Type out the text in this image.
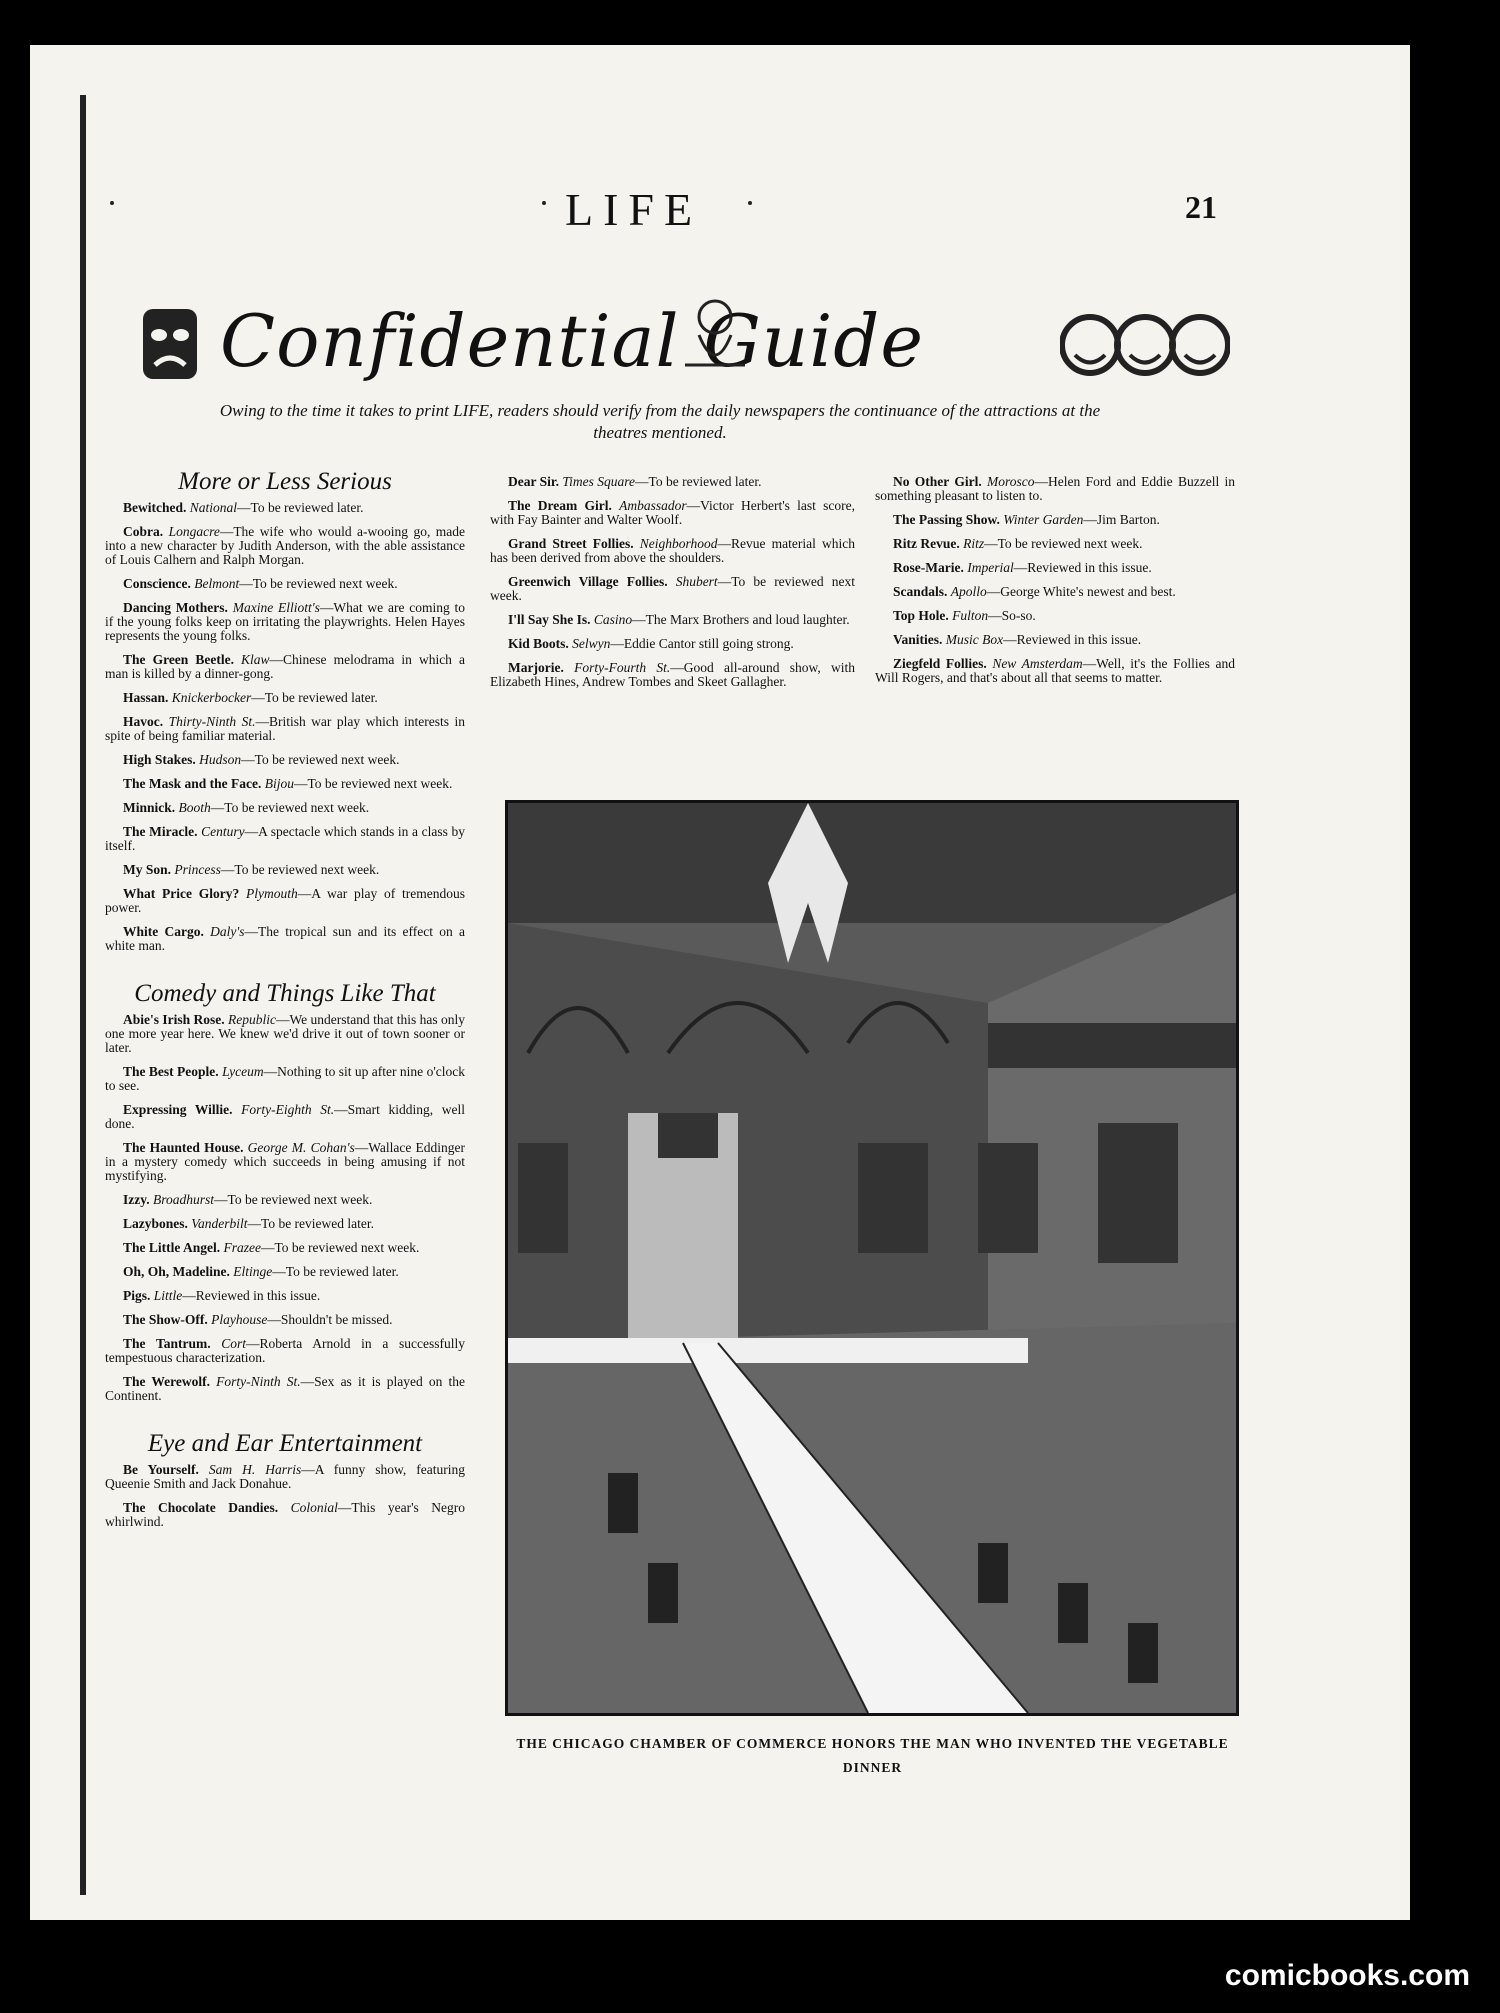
LIFE	21
Confidential Guide
Owing to the time it takes to print LIFE, readers should verify from the daily newspapers the continuance of the attractions at the theatres mentioned.
More or Less Serious
Bewitched. National—To be reviewed later.
Cobra. Longacre—The wife who would a-wooing go, made into a new character by Judith Anderson, with the able assistance of Louis Calhern and Ralph Morgan.
Conscience. Belmont—To be reviewed next week.
Dancing Mothers. Maxine Elliott's—What we are coming to if the young folks keep on irritating the playwrights. Helen Hayes represents the young folks.
The Green Beetle. Klaw—Chinese melodrama in which a man is killed by a dinner-gong.
Hassan. Knickerbocker—To be reviewed later.
Havoc. Thirty-Ninth St.—British war play which interests in spite of being familiar material.
High Stakes. Hudson—To be reviewed next week.
The Mask and the Face. Bijou—To be reviewed next week.
Minnick. Booth—To be reviewed next week.
The Miracle. Century—A spectacle which stands in a class by itself.
My Son. Princess—To be reviewed next week.
What Price Glory? Plymouth—A war play of tremendous power.
White Cargo. Daly's—The tropical sun and its effect on a white man.
Comedy and Things Like That
Abie's Irish Rose. Republic—We understand that this has only one more year here. We knew we'd drive it out of town sooner or later.
The Best People. Lyceum—Nothing to sit up after nine o'clock to see.
Expressing Willie. Forty-Eighth St.—Smart kidding, well done.
The Haunted House. George M. Cohan's—Wallace Eddinger in a mystery comedy which succeeds in being amusing if not mystifying.
Izzy. Broadhurst—To be reviewed next week.
Lazybones. Vanderbilt—To be reviewed later.
The Little Angel. Frazee—To be reviewed next week.
Oh, Oh, Madeline. Eltinge—To be reviewed later.
Pigs. Little—Reviewed in this issue.
The Show-Off. Playhouse—Shouldn't be missed.
The Tantrum. Cort—Roberta Arnold in a successfully tempestuous characterization.
The Werewolf. Forty-Ninth St.—Sex as it is played on the Continent.
Eye and Ear Entertainment
Be Yourself. Sam H. Harris—A funny show, featuring Queenie Smith and Jack Donahue.
The Chocolate Dandies. Colonial—This year's Negro whirlwind.
Dear Sir. Times Square—To be reviewed later.
The Dream Girl. Ambassador—Victor Herbert's last score, with Fay Bainter and Walter Woolf.
Grand Street Follies. Neighborhood—Revue material which has been derived from above the shoulders.
Greenwich Village Follies. Shubert—To be reviewed next week.
I'll Say She Is. Casino—The Marx Brothers and loud laughter.
Kid Boots. Selwyn—Eddie Cantor still going strong.
Marjorie. Forty-Fourth St.—Good all-around show, with Elizabeth Hines, Andrew Tombes and Skeet Gallagher.
No Other Girl. Morosco—Helen Ford and Eddie Buzzell in something pleasant to listen to.
The Passing Show. Winter Garden—Jim Barton.
Ritz Revue. Ritz—To be reviewed next week.
Rose-Marie. Imperial—Reviewed in this issue.
Scandals. Apollo—George White's newest and best.
Top Hole. Fulton—So-so.
Vanities. Music Box—Reviewed in this issue.
Ziegfeld Follies. New Amsterdam—Well, it's the Follies and Will Rogers, and that's about all that seems to matter.
THE CHICAGO CHAMBER OF COMMERCE HONORS THE MAN WHO INVENTED THE VEGETABLE DINNER
comicbooks.com
